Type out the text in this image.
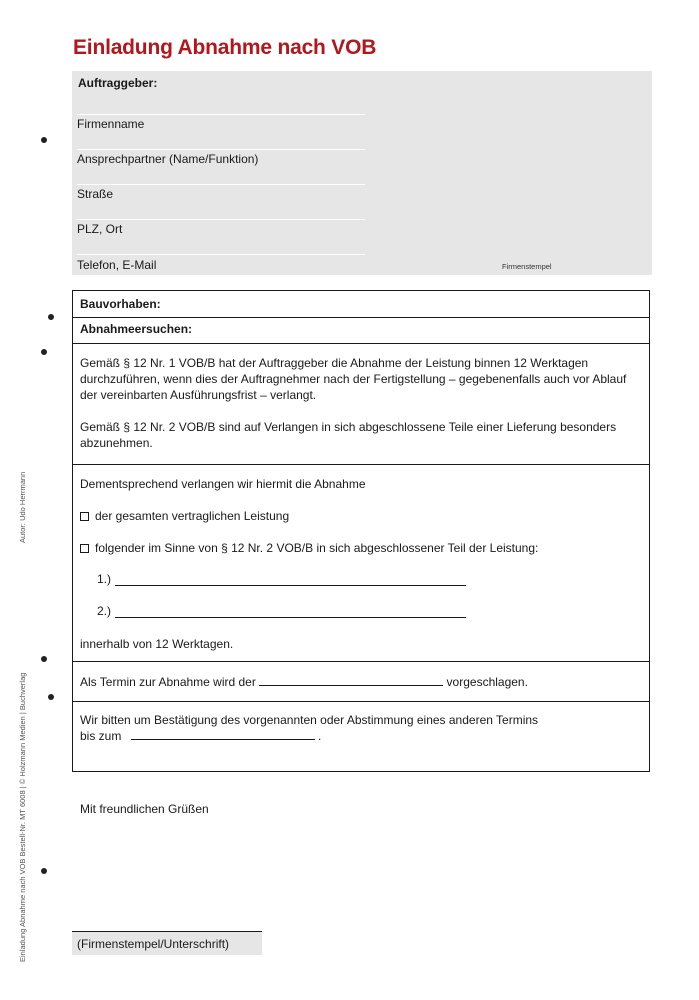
Autor: Udo Herrmann
Einladung Abnahme nach VOB Bestell-Nr. MT 6008 | © Holzmann Medien | Buchverlag
Einladung Abnahme nach VOB
Auftraggeber:
Firmenname
Ansprechpartner (Name/Funktion)
Straße
PLZ, Ort
Telefon, E-Mail	Firmenstempel
Bauvorhaben:
Abnahmeersuchen:

Gemäß § 12 Nr. 1 VOB/B hat der Auftraggeber die Abnahme der Leistung binnen 12 Werktagen durchzuführen, wenn dies der Auftragnehmer nach der Fertigstellung – gegebenenfalls auch vor Ablauf der vereinbarten Ausführungsfrist – verlangt.

Gemäß § 12 Nr. 2 VOB/B sind auf Verlangen in sich abgeschlossene Teile einer Lieferung besonders abzunehmen.

Dementsprechend verlangen wir hiermit die Abnahme
der gesamten vertraglichen Leistung
folgender im Sinne von § 12 Nr. 2 VOB/B in sich abgeschlossener Teil der Leistung:
1.)
2.)
innerhalb von 12 Werktagen.
Als Termin zur Abnahme wird der	vorgeschlagen.
Wir bitten um Bestätigung des vorgenannten oder Abstimmung eines anderen Termins
bis zum	.
Mit freundlichen Grüßen
(Firmenstempel/Unterschrift)
